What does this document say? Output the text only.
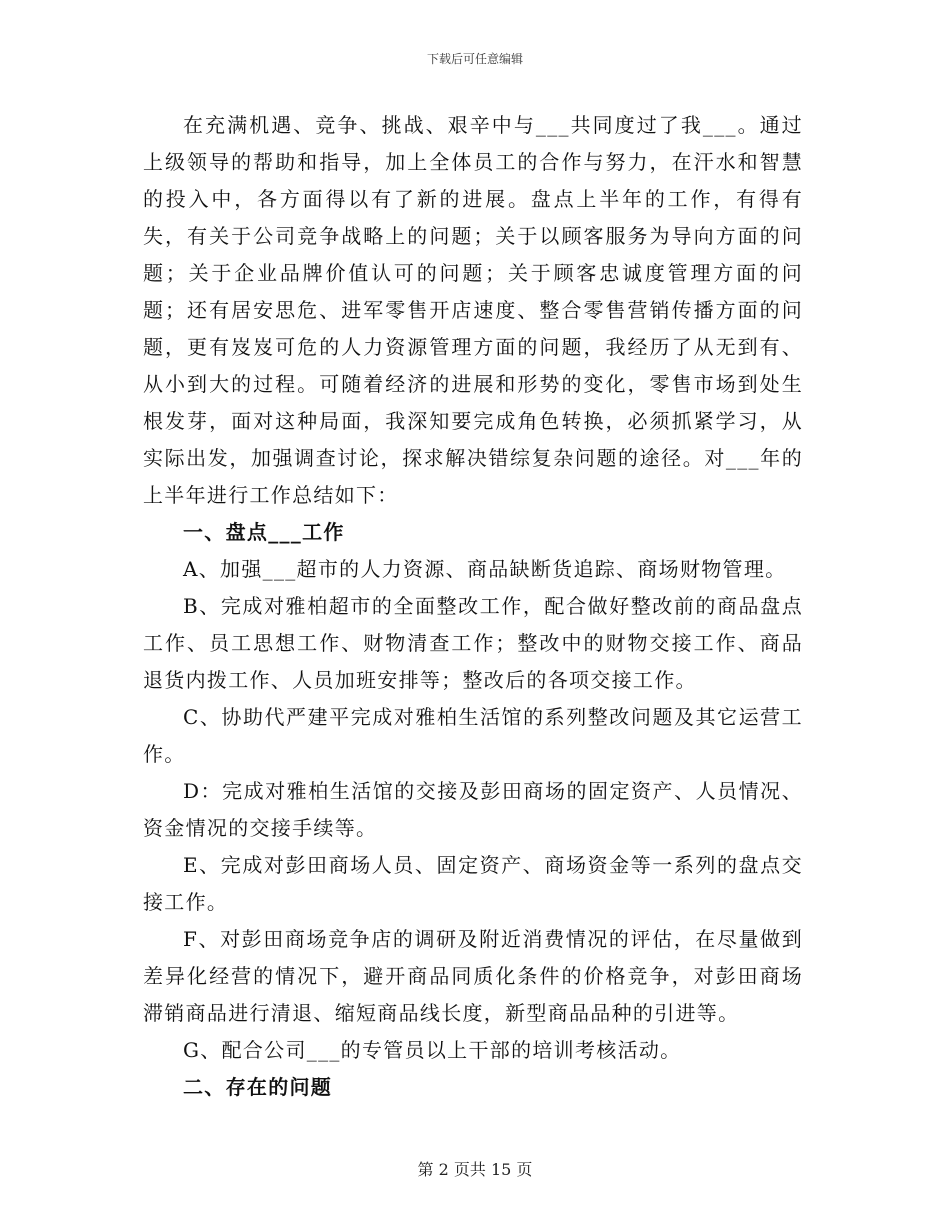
下载后可任意编辑

在充满机遇、竞争、挑战、艰辛中与___共同度过了我___。通过上级领导的帮助和指导，加上全体员工的合作与努力，在汗水和智慧的投入中，各方面得以有了新的进展。盘点上半年的工作，有得有失，有关于公司竞争战略上的问题；关于以顾客服务为导向方面的问题；关于企业品牌价值认可的问题；关于顾客忠诚度管理方面的问题；还有居安思危、进军零售开店速度、整合零售营销传播方面的问题，更有岌岌可危的人力资源管理方面的问题，我经历了从无到有、从小到大的过程。可随着经济的进展和形势的变化，零售市场到处生根发芽，面对这种局面，我深知要完成角色转换，必须抓紧学习，从实际出发，加强调查讨论，探求解决错综复杂问题的途径。对___年的上半年进行工作总结如下：

一、盘点___工作

A、加强___超市的人力资源、商品缺断货追踪、商场财物管理。

B、完成对雅柏超市的全面整改工作，配合做好整改前的商品盘点工作、员工思想工作、财物清查工作；整改中的财物交接工作、商品退货内拨工作、人员加班安排等；整改后的各项交接工作。

C、协助代严建平完成对雅柏生活馆的系列整改问题及其它运营工作。

D：完成对雅柏生活馆的交接及彭田商场的固定资产、人员情况、资金情况的交接手续等。

E、完成对彭田商场人员、固定资产、商场资金等一系列的盘点交接工作。

F、对彭田商场竞争店的调研及附近消费情况的评估，在尽量做到差异化经营的情况下，避开商品同质化条件的价格竞争，对彭田商场滞销商品进行清退、缩短商品线长度，新型商品品种的引进等。

G、配合公司___的专管员以上干部的培训考核活动。

二、存在的问题

第 2 页共 15 页
